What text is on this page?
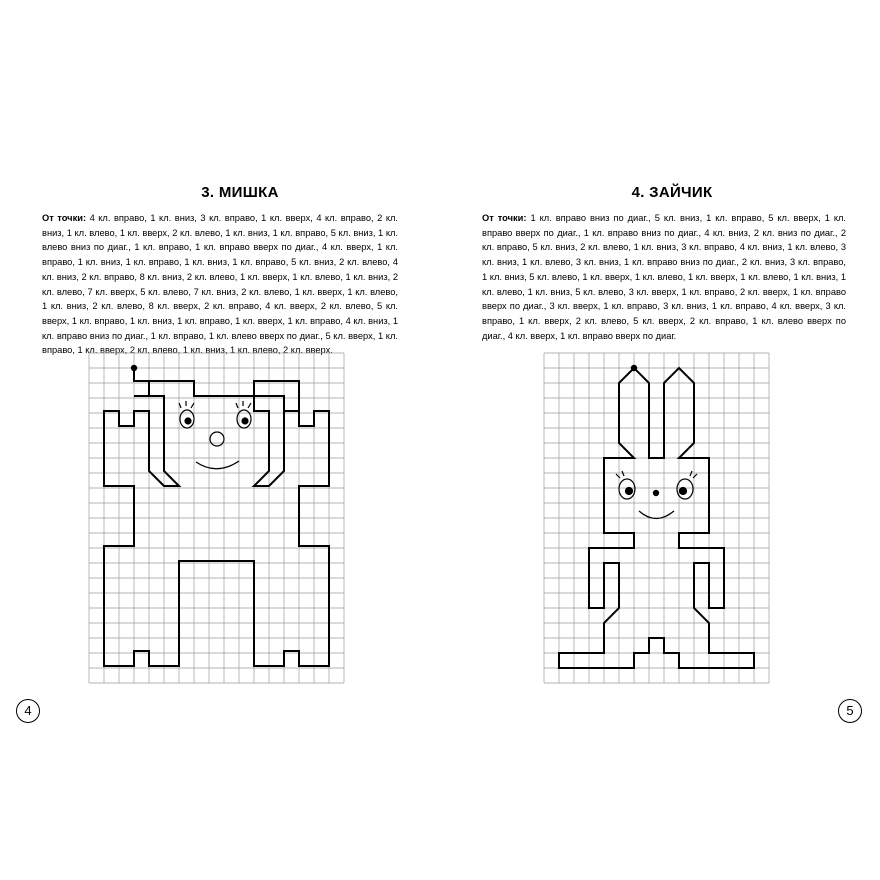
3. МИШКА

От точки: 4 кл. вправо, 1 кл. вниз, 3 кл. вправо, 1 кл. вверх, 4 кл. вправо, 2 кл. вниз, 1 кл. влево, 1 кл. вверх, 2 кл. влево, 1 кл. вниз, 1 кл. вправо, 5 кл. вниз, 1 кл. влево вниз по диаг., 1 кл. вправо, 1 кл. вправо вверх по диаг., 4 кл. вверх, 1 кл. вправо, 1 кл. вниз, 1 кл. вправо, 1 кл. вниз, 1 кл. вправо, 5 кл. вниз, 2 кл. влево, 4 кл. вниз, 2 кл. вправо, 8 кл. вниз, 2 кл. влево, 1 кл. вверх, 1 кл. влево, 1 кл. вниз, 2 кл. влево, 7 кл. вверх, 5 кл. влево, 7 кл. вниз, 2 кл. влево, 1 кл. вверх, 1 кл. влево, 1 кл. вниз, 2 кл. влево, 8 кл. вверх, 2 кл. вправо, 4 кл. вверх, 2 кл. влево, 5 кл. вверх, 1 кл. вправо, 1 кл. вниз, 1 кл. вправо, 1 кл. вверх, 1 кл. вправо, 4 кл. вниз, 1 кл. вправо вниз по диаг., 1 кл. вправо, 1 кл. влево вверх по диаг., 5 кл. вверх, 1 кл. вправо, 1 кл. вверх, 2 кл. влево, 1 кл. вниз, 1 кл. влево, 2 кл. вверх.

4
4. ЗАЙЧИК

От точки: 1 кл. вправо вниз по диаг., 5 кл. вниз, 1 кл. вправо, 5 кл. вверх, 1 кл. вправо вверх по диаг., 1 кл. вправо вниз по диаг., 4 кл. вниз, 2 кл. вниз по диаг., 2 кл. вправо, 5 кл. вниз, 2 кл. влево, 1 кл. вниз, 3 кл. вправо, 4 кл. вниз, 1 кл. влево, 3 кл. вниз, 1 кл. влево, 3 кл. вниз, 1 кл. вправо вниз по диаг., 2 кл. вниз, 3 кл. вправо, 1 кл. вниз, 5 кл. влево, 1 кл. вверх, 1 кл. влево, 1 кл. вверх, 1 кл. влево, 1 кл. вниз, 1 кл. влево, 1 кл. вниз, 5 кл. влево, 3 кл. вверх, 1 кл. вправо, 2 кл. вверх, 1 кл. вправо вверх по диаг., 3 кл. вверх, 1 кл. вправо, 3 кл. вниз, 1 кл. вправо, 4 кл. вверх, 3 кл. вправо, 1 кл. вверх, 2 кл. влево, 5 кл. вверх, 2 кл. вправо, 1 кл. влево вверх по диаг., 4 кл. вверх, 1 кл. вправо вверх по диаг.

5
